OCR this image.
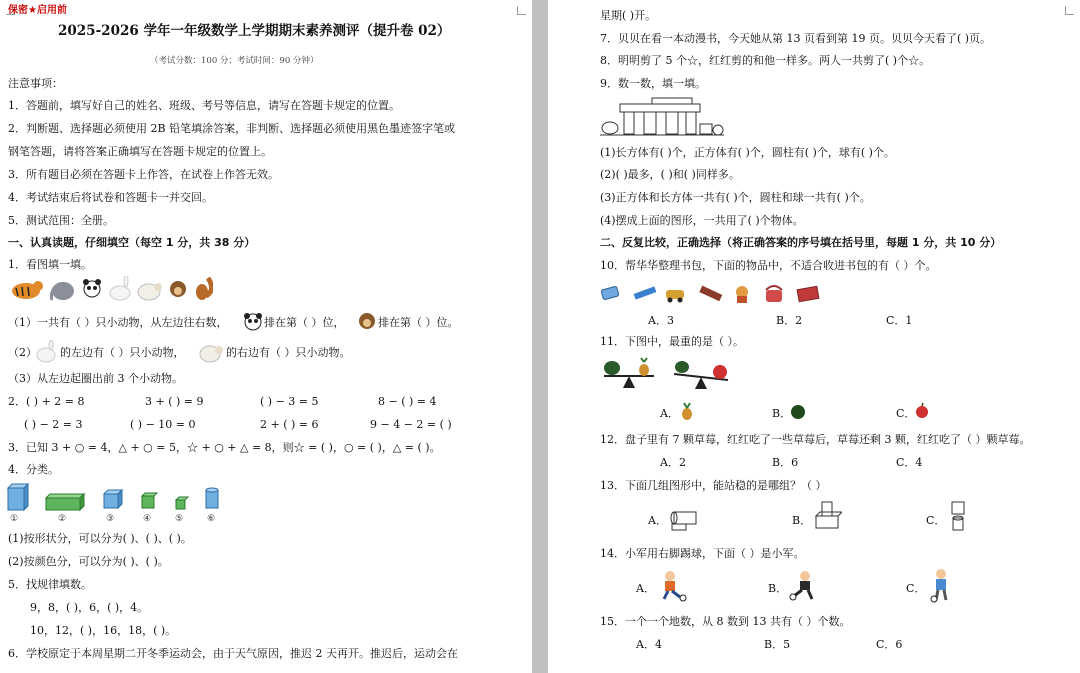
保密★启用前
2025-2026 学年一年级数学上学期期末素养测评（提升卷 02）
（考试分数：100 分；考试时间：90 分钟）
注意事项：
1．答题前，填写好自己的姓名、班级、考号等信息，请写在答题卡规定的位置。
2．判断题、选择题必须使用 2B 铅笔填涂答案，非判断、选择题必须使用黑色墨迹签字笔或
钢笔答题，请将答案正确填写在答题卡规定的位置上。
3．所有题目必须在答题卡上作答，在试卷上作答无效。
4．考试结束后将试卷和答题卡一并交回。
5．测试范围：全册。
一、认真读题，仔细填空（每空 1 分，共 38 分）
1．看图填一填。
（1）一共有（ ）只小动物，从左边往右数，	排在第（ ）位，	排在第（ ）位。
（2） 的左边有（ ）只小动物，	的右边有（ ）只小动物。
（3）从左边起圈出前 3 个小动物。
2．( ) + 2 = 8	3 + ( ) = 9	( ) − 3 = 5	8 − ( ) = 4
( ) − 2 = 3	( ) − 10 = 0	2 + ( ) = 6	9 − 4 − 2 = ( )
3．已知 3 + ○ = 4，△ + ○ = 5，☆ + ○ + △ = 8，则☆ = ( )，○ = ( )，△ = ( )。
4．分类。
①	②	③	④	⑤	⑥
(1)按形状分，可以分为( )、( )、( )。
(2)按颜色分，可以分为( )、( )。
5．找规律填数。
9，8，( )，6，( )，4。
10，12，( )，16，18，( )。
6．学校原定于本周星期二开冬季运动会，由于天气原因，推迟 2 天再开。推迟后，运动会在
星期( )开。
7．贝贝在看一本动漫书，今天她从第 13 页看到第 19 页。贝贝今天看了( )页。
8．明明剪了 5 个☆，红红剪的和他一样多。两人一共剪了( )个☆。
9．数一数，填一填。
(1)长方体有( )个，正方体有( )个，圆柱有( )个，球有( )个。
(2)( )最多，( )和( )同样多。
(3)正方体和长方体一共有( )个，圆柱和球一共有( )个。
(4)摆成上面的图形，一共用了( )个物体。
二、反复比较，正确选择（将正确答案的序号填在括号里，每题 1 分，共 10 分）
10．帮华华整理书包，下面的物品中，不适合收进书包的有（ ）个。
A．3	B．2	C．1
11．下图中，最重的是（ ）。
A．	B．	C．
12．盘子里有 7 颗草莓，红红吃了一些草莓后，草莓还剩 3 颗，红红吃了（ ）颗草莓。
A．2	B．6	C．4
13．下面几组图形中，能站稳的是哪组？（ ）
A．	B．	C．
14．小军用右脚踢球，下面（ ）是小军。
A．	B．	C．
15．一个一个地数，从 8 数到 13 共有（ ）个数。
A．4	B．5	C．6
